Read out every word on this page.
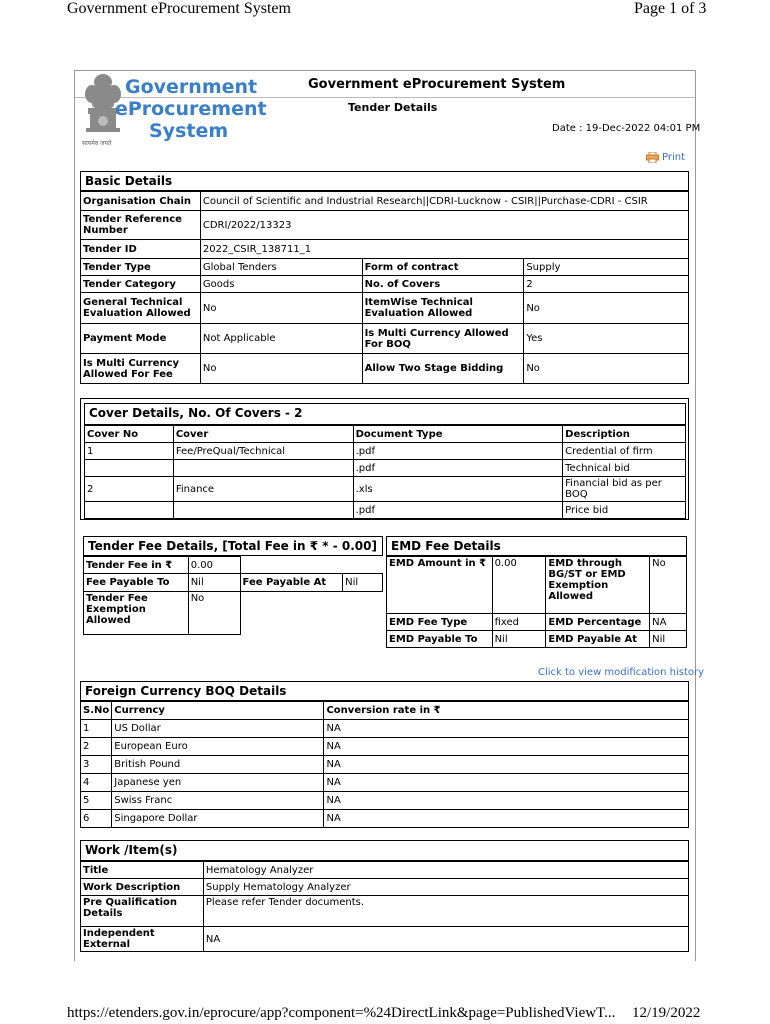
Government eProcurement System	Page 1 of 3
https://etenders.gov.in/eprocure/app?component=%24DirectLink&page=PublishedViewT... 12/19/2022
Government
eProcurement
System
सत्यमेव जयते
Government eProcurement System
Tender Details
Date : 19-Dec-2022 04:01 PM
Print
Basic Details
Organisation Chain	Council of Scientific and Industrial Research||CDRI-Lucknow - CSIR||Purchase-CDRI - CSIR		
Tender Reference Number	CDRI/2022/13323		
Tender ID	2022_CSIR_138711_1		
Tender Type	Global Tenders	Form of contract	Supply
Tender Category	Goods	No. of Covers	2
General Technical Evaluation Allowed	No	ItemWise Technical Evaluation Allowed	No
Payment Mode	Not Applicable	Is Multi Currency Allowed For BOQ	Yes
Is Multi Currency Allowed For Fee	No	Allow Two Stage Bidding	No
Cover Details, No. Of Covers - 2
Cover No	Cover	Document Type	Description
1	Fee/PreQual/Technical	.pdf	Credential of firm
		.pdf	Technical bid
2	Finance	.xls	Financial bid as per BOQ
		.pdf	Price bid
Tender Fee Details, [Total Fee in ₹ * - 0.00]
Tender Fee in ₹	0.00		
Fee Payable To	Nil	Fee Payable At	Nil
Tender Fee Exemption Allowed	No		
EMD Fee Details
EMD Amount in ₹	0.00	EMD through BG/ST or EMD Exemption Allowed	No
EMD Fee Type	fixed	EMD Percentage	NA
EMD Payable To	Nil	EMD Payable At	Nil
Click to view modification history
Foreign Currency BOQ Details
S.No	Currency	Conversion rate in ₹
1	US Dollar	NA
2	European Euro	NA
3	British Pound	NA
4	Japanese yen	NA
5	Swiss Franc	NA
6	Singapore Dollar	NA
Work /Item(s)
Title	Hematology Analyzer
Work Description	Supply Hematology Analyzer
Pre Qualification Details	Please refer Tender documents.
Independent External	NA
